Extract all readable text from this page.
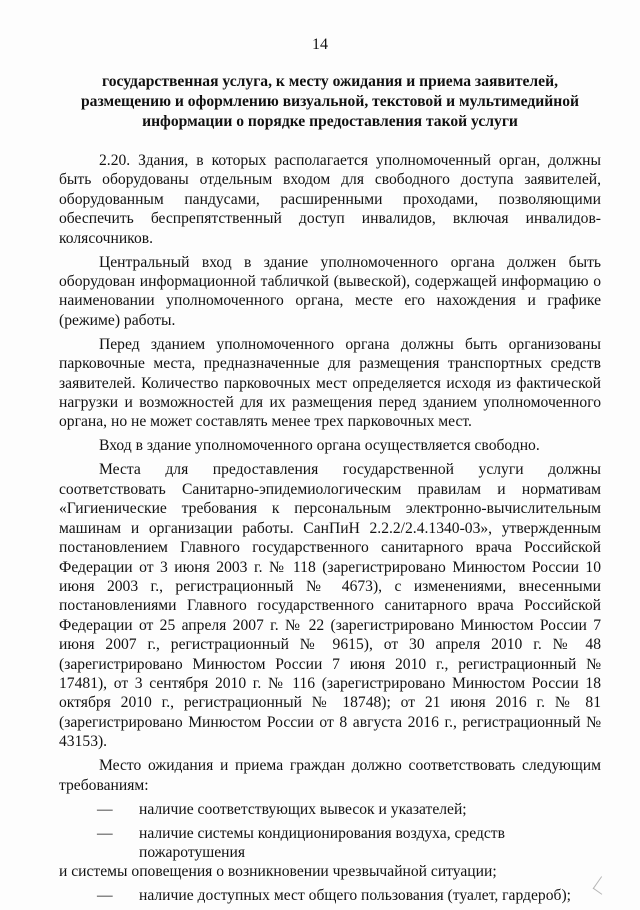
14
государственная услуга, к месту ожидания и приема заявителей, размещению и оформлению визуальной, текстовой и мультимедийной информации о порядке предоставления такой услуги

2.20. Здания, в которых располагается уполномоченный орган, должны быть оборудованы отдельным входом для свободного доступа заявителей, оборудованным пандусами, расширенными проходами, позволяющими обеспечить беспрепятственный доступ инвалидов, включая инвалидов-колясочников.

Центральный вход в здание уполномоченного органа должен быть оборудован информационной табличкой (вывеской), содержащей информацию о наименовании уполномоченного органа, месте его нахождения и графике (режиме) работы.

Перед зданием уполномоченного органа должны быть организованы парковочные места, предназначенные для размещения транспортных средств заявителей. Количество парковочных мест определяется исходя из фактической нагрузки и возможностей для их размещения перед зданием уполномоченного органа, но не может составлять менее трех парковочных мест.

Вход в здание уполномоченного органа осуществляется свободно.

Места для предоставления государственной услуги должны соответствовать Санитарно-эпидемиологическим правилам и нормативам «Гигиенические требования к персональным электронно-вычислительным машинам и организации работы. СанПиН 2.2.2/2.4.1340-03», утвержденным постановлением Главного государственного санитарного врача Российской Федерации от 3 июня 2003 г. № 118 (зарегистрировано Минюстом России 10 июня 2003 г., регистрационный № 4673), с изменениями, внесенными постановлениями Главного государственного санитарного врача Российской Федерации от 25 апреля 2007 г. № 22 (зарегистрировано Минюстом России 7 июня 2007 г., регистрационный № 9615), от 30 апреля 2010 г. № 48 (зарегистрировано Минюстом России 7 июня 2010 г., регистрационный № 17481), от 3 сентября 2010 г. № 116 (зарегистрировано Минюстом России 18 октября 2010 г., регистрационный № 18748); от 21 июня 2016 г. № 81 (зарегистрировано Минюстом России от 8 августа 2016 г., регистрационный № 43153).

Место ожидания и приема граждан должно соответствовать следующим требованиям:

—	наличие соответствующих вывесок и указателей;
—	наличие системы кондиционирования воздуха, средств пожаротушения

и системы оповещения о возникновении чрезвычайной ситуации;

—	наличие доступных мест общего пользования (туалет, гардероб);
